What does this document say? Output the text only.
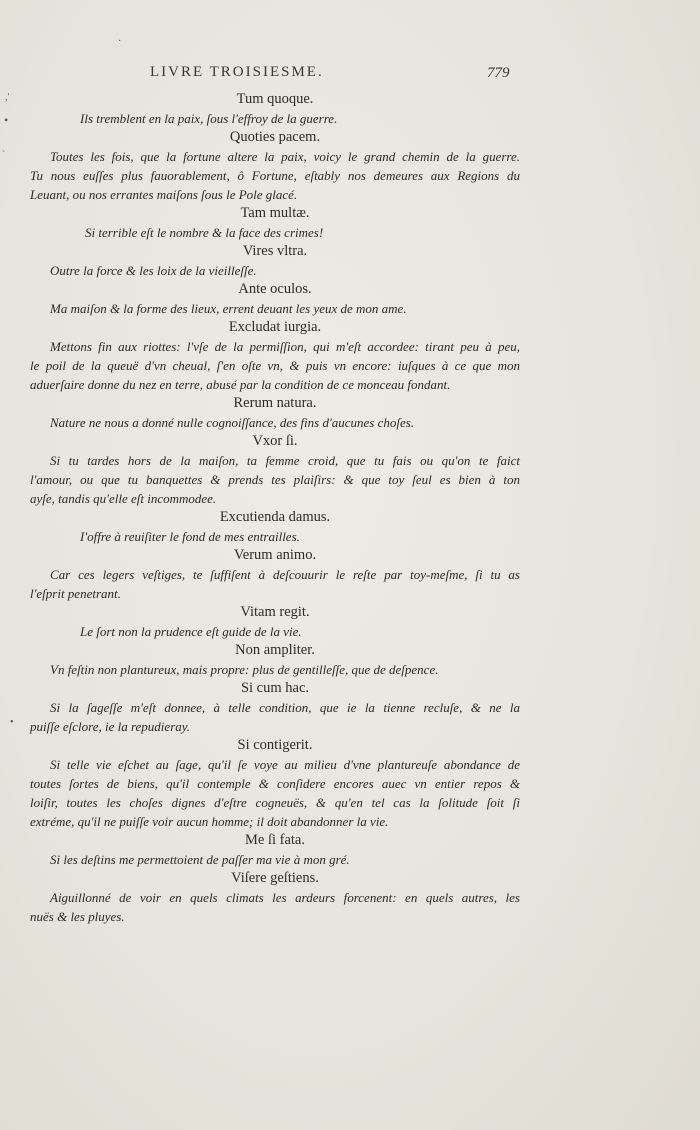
LIVRE TROISIESME.	779
,'
•
`
·
•

Tum quoque.

Ils tremblent en la paix, ſous l'effroy de la guerre.

Quoties pacem.

Toutes les fois, que la fortune altere la paix, voicy le grand chemin de la guerre.

Tu nous euſſes plus fauorablement, ô Fortune, eſtably nos demeures aux Regions du

Leuant, ou nos errantes maiſons ſous le Pole glacé.

Tam multæ.

Si terrible eſt le nombre & la face des crimes!

Vires vltra.

Outre la force & les loix de la vieilleſſe.

Ante oculos.

Ma maiſon & la forme des lieux, errent deuant les yeux de mon ame.

Excludat iurgia.

Mettons fin aux riottes: l'vſe de la permiſſion, qui m'eſt accordee: tirant peu à peu,

le poil de la queuë d'vn cheual, ſ'en oſte vn, & puis vn encore: iuſques à ce que mon

aduerſaire donne du nez en terre, abusé par la condition de ce monceau fondant.

Rerum natura.

Nature ne nous a donné nulle cognoiſſance, des fins d'aucunes choſes.

Vxor ſi.

Si tu tardes hors de la maiſon, ta femme croid, que tu fais ou qu'on te faict

l'amour, ou que tu banquettes & prends tes plaiſirs: & que toy ſeul es bien à ton

ayſe, tandis qu'elle eſt incommodee.

Excutienda damus.

I'offre à reuiſiter le fond de mes entrailles.

Verum animo.

Car ces legers veſtiges, te ſuffiſent à deſcouurir le reſte par toy-meſme, ſi tu as

l'eſprit penetrant.

Vitam regit.

Le ſort non la prudence eſt guide de la vie.

Non ampliter.

Vn feſtin non plantureux, mais propre: plus de gentilleſſe, que de deſpence.

Si cum hac.

Si la ſageſſe m'eſt donnee, à telle condition, que ie la tienne recluſe, & ne la

puiſſe eſclore, ie la repudieray.

Si contigerit.

Si telle vie eſchet au ſage, qu'il ſe voye au milieu d'vne plantureuſe abondance de

toutes ſortes de biens, qu'il contemple & conſidere encores auec vn entier repos &

loiſir, toutes les choſes dignes d'eſtre cogneuës, & qu'en tel cas la ſolitude ſoit ſi

extréme, qu'il ne puiſſe voir aucun homme; il doit abandonner la vie.

Me ſi fata.

Si les deſtins me permettoient de paſſer ma vie à mon gré.

Viſere geſtiens.

Aiguillonné de voir en quels climats les ardeurs forcenent: en quels autres, les

nuës & les pluyes.
